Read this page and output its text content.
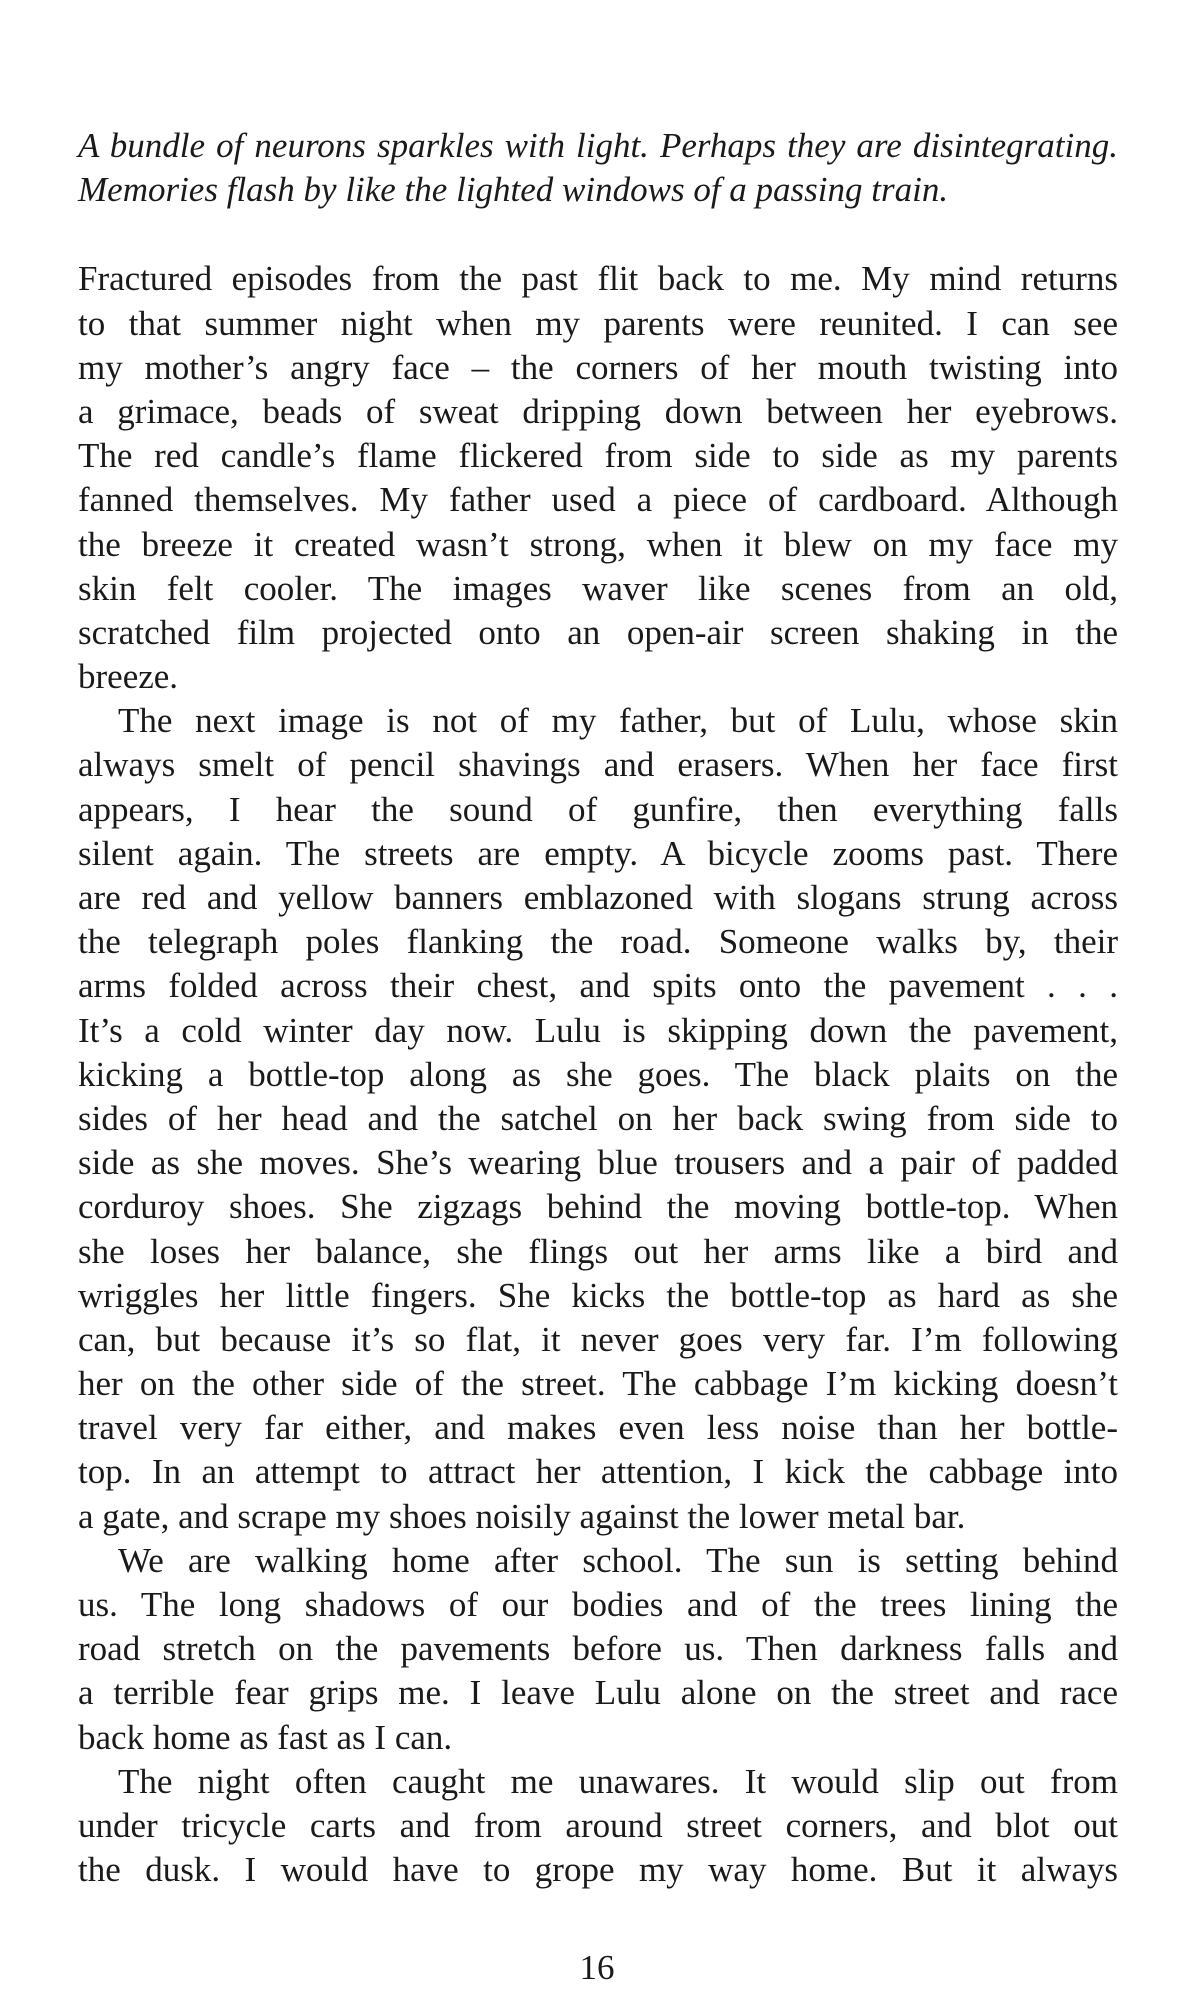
A bundle of neurons sparkles with light. Perhaps they are disintegrating.
Memories flash by like the lighted windows of a passing train.
Fractured episodes from the past flit back to me. My mind returns
to that summer night when my parents were reunited. I can see
my mother’s angry face – the corners of her mouth twisting into
a grimace, beads of sweat dripping down between her eyebrows.
The red candle’s flame flickered from side to side as my parents
fanned themselves. My father used a piece of cardboard. Although
the breeze it created wasn’t strong, when it blew on my face my
skin felt cooler. The images waver like scenes from an old,
scratched film projected onto an open-air screen shaking in the
breeze.
The next image is not of my father, but of Lulu, whose skin
always smelt of pencil shavings and erasers. When her face first
appears, I hear the sound of gunfire, then everything falls
silent again. The streets are empty. A bicycle zooms past. There
are red and yellow banners emblazoned with slogans strung across
the telegraph poles flanking the road. Someone walks by, their
arms folded across their chest, and spits onto the pavement . . .
It’s a cold winter day now. Lulu is skipping down the pavement,
kicking a bottle-top along as she goes. The black plaits on the
sides of her head and the satchel on her back swing from side to
side as she moves. She’s wearing blue trousers and a pair of padded
corduroy shoes. She zigzags behind the moving bottle-top. When
she loses her balance, she flings out her arms like a bird and
wriggles her little fingers. She kicks the bottle-top as hard as she
can, but because it’s so flat, it never goes very far. I’m following
her on the other side of the street. The cabbage I’m kicking doesn’t
travel very far either, and makes even less noise than her bottle-
top. In an attempt to attract her attention, I kick the cabbage into
a gate, and scrape my shoes noisily against the lower metal bar.
We are walking home after school. The sun is setting behind
us. The long shadows of our bodies and of the trees lining the
road stretch on the pavements before us. Then darkness falls and
a terrible fear grips me. I leave Lulu alone on the street and race
back home as fast as I can.
The night often caught me unawares. It would slip out from
under tricycle carts and from around street corners, and blot out
the dusk. I would have to grope my way home. But it always
16
